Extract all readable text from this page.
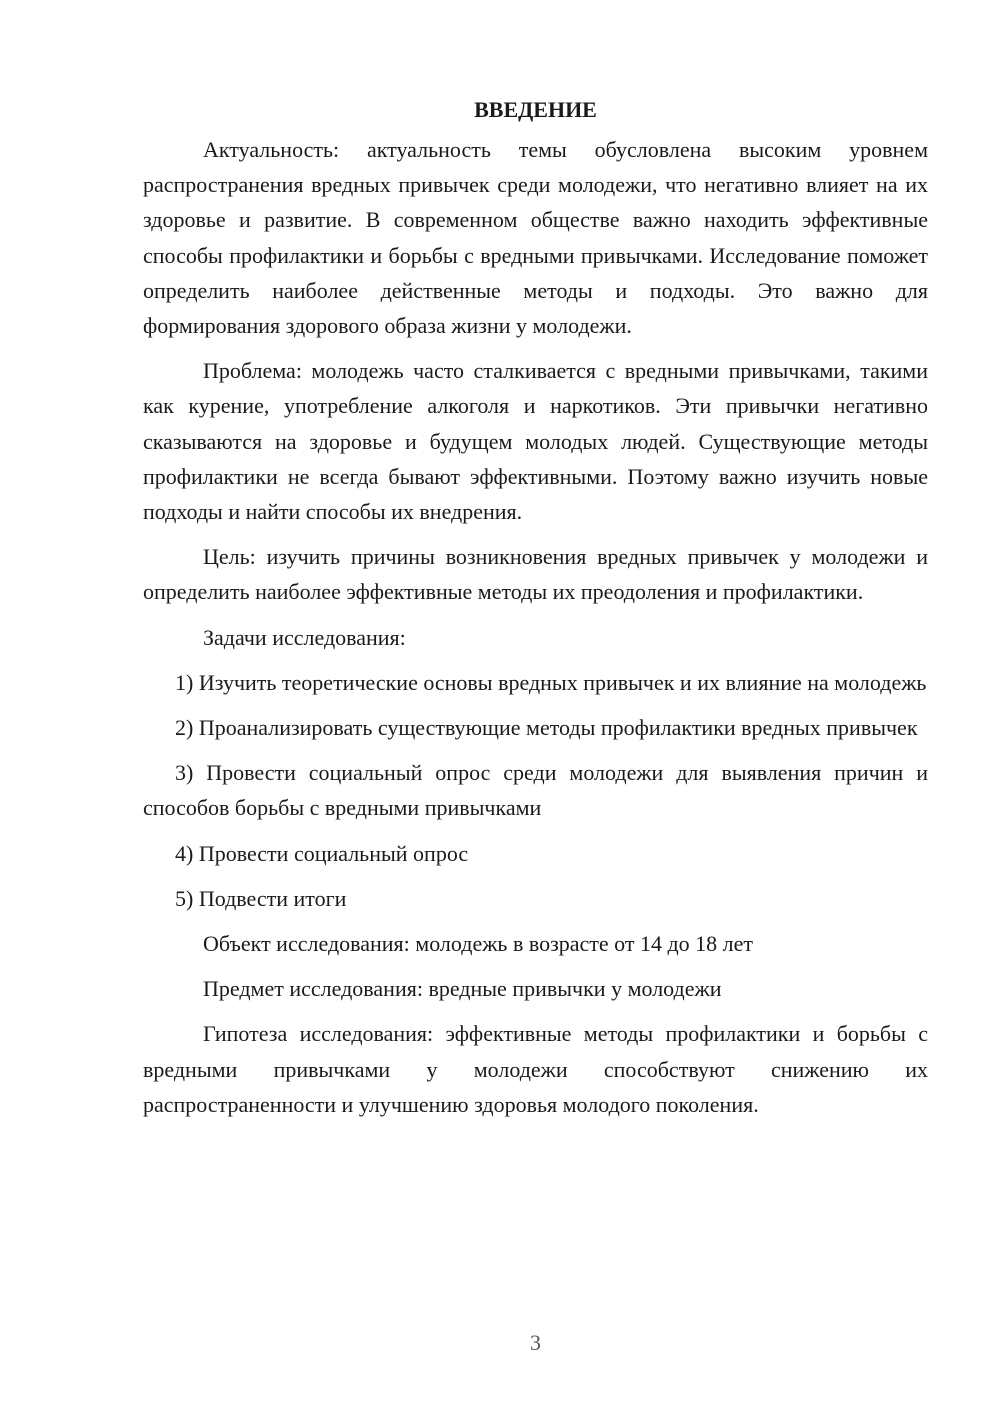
ВВЕДЕНИЕ

Актуальность: актуальность темы обусловлена высоким уровнем распространения вредных привычек среди молодежи, что негативно влияет на их здоровье и развитие. В современном обществе важно находить эффективные способы профилактики и борьбы с вредными привычками. Исследование поможет определить наиболее действенные методы и подходы. Это важно для формирования здорового образа жизни у молодежи.

Проблема: молодежь часто сталкивается с вредными привычками, такими как курение, употребление алкоголя и наркотиков. Эти привычки негативно сказываются на здоровье и будущем молодых людей. Существующие методы профилактики не всегда бывают эффективными. Поэтому важно изучить новые подходы и найти способы их внедрения.

Цель: изучить причины возникновения вредных привычек у молодежи и определить наиболее эффективные методы их преодоления и профилактики.

Задачи исследования:

1) Изучить теоретические основы вредных привычек и их влияние на молодежь

2) Проанализировать существующие методы профилактики вредных привычек

3) Провести социальный опрос среди молодежи для выявления причин и способов борьбы с вредными привычками

4) Провести социальный опрос

5) Подвести итоги

Объект исследования: молодежь в возрасте от 14 до 18 лет

Предмет исследования: вредные привычки у молодежи

Гипотеза исследования: эффективные методы профилактики и борьбы с вредными привычками у молодежи способствуют снижению их распространенности и улучшению здоровья молодого поколения.

3
